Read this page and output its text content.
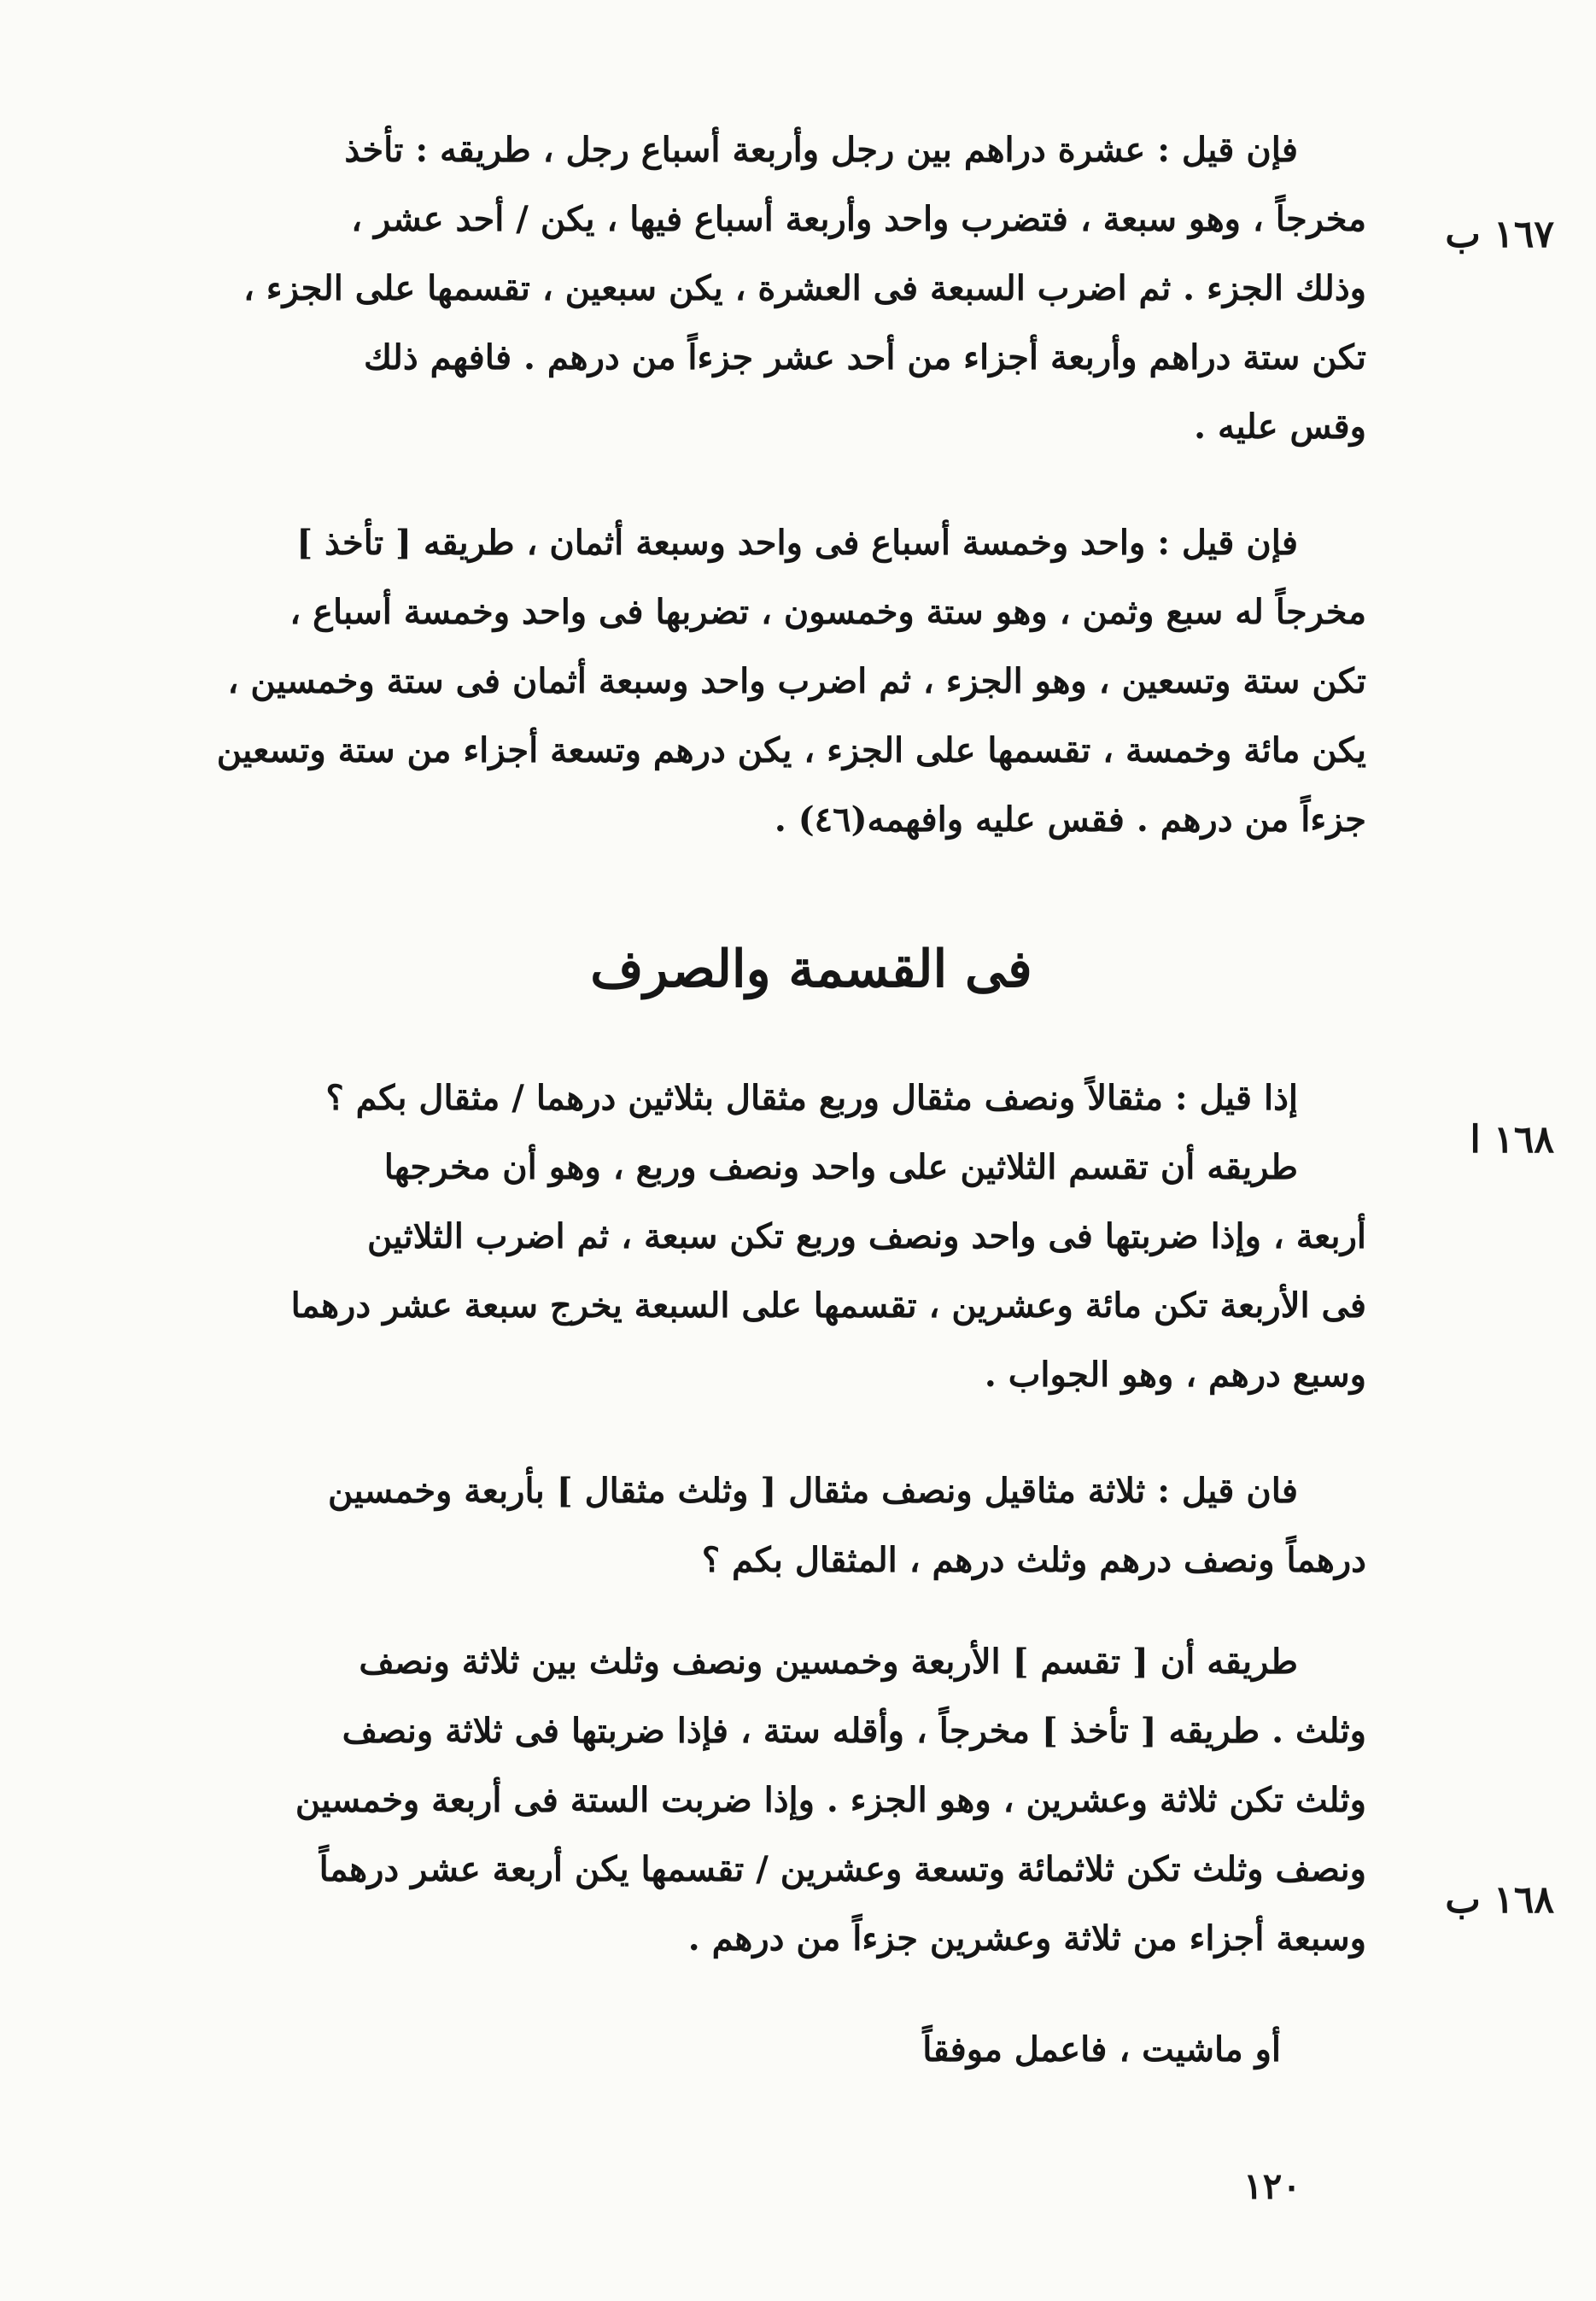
١٦٧ ب
١٦٨ ا
١٦٨ ب
فإن قيل : عشرة دراهم بين رجل وأربعة أسباع رجل ، طريقه : تأخذ
مخرجاً ، وهو سبعة ، فتضرب واحد وأربعة أسباع فيها ، يكن / أحد عشر ،
وذلك الجزء . ثم اضرب السبعة فى العشرة ، يكن سبعين ، تقسمها على الجزء ،
تكن ستة دراهم وأربعة أجزاء من أحد عشر جزءاً من درهم . فافهم ذلك
وقس عليه .
فإن قيل : واحد وخمسة أسباع فى واحد وسبعة أثمان ، طريقه [ تأخذ ]
مخرجاً له سبع وثمن ، وهو ستة وخمسون ، تضربها فى واحد وخمسة أسباع ،
تكن ستة وتسعين ، وهو الجزء ، ثم اضرب واحد وسبعة أثمان فى ستة وخمسين ،
يكن مائة وخمسة ، تقسمها على الجزء ، يكن درهم وتسعة أجزاء من ستة وتسعين
جزءاً من درهم . فقس عليه وافهمه(٤٦) .
فى القسمة والصرف
إذا قيل : مثقالاً ونصف مثقال وربع مثقال بثلاثين درهما / مثقال بكم ؟
طريقه أن تقسم الثلاثين على واحد ونصف وربع ، وهو أن مخرجها
أربعة ، وإذا ضربتها فى واحد ونصف وربع تكن سبعة ، ثم اضرب الثلاثين
فى الأربعة تكن مائة وعشرين ، تقسمها على السبعة يخرج سبعة عشر درهما
وسبع درهم ، وهو الجواب .
فان قيل : ثلاثة مثاقيل ونصف مثقال [ وثلث مثقال ] بأربعة وخمسين
درهماً ونصف درهم وثلث درهم ، المثقال بكم ؟
طريقه أن [ تقسم ] الأربعة وخمسين ونصف وثلث بين ثلاثة ونصف
وثلث . طريقه [ تأخذ ] مخرجاً ، وأقله ستة ، فإذا ضربتها فى ثلاثة ونصف
وثلث تكن ثلاثة وعشرين ، وهو الجزء . وإذا ضربت الستة فى أربعة وخمسين
ونصف وثلث تكن ثلاثمائة وتسعة وعشرين / تقسمها يكن أربعة عشر درهماً
وسبعة أجزاء من ثلاثة وعشرين جزءاً من درهم .
أو ماشيت ، فاعمل موفقاً
١٢٠
